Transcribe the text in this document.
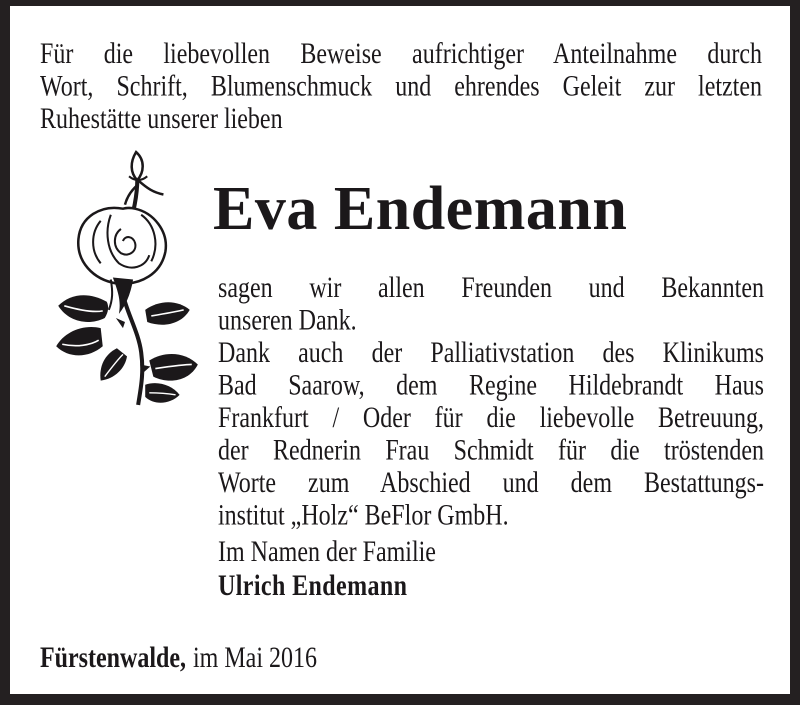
Für die liebevollen Beweise aufrichtiger Anteilnahme durch
Wort, Schrift, Blumenschmuck und ehrendes Geleit zur letzten
Ruhestätte unserer lieben
Eva Endemann
sagen wir allen Freunden und Bekannten
unseren Dank.
Dank auch der Palliativstation des Klinikums
Bad Saarow, dem Regine Hildebrandt Haus
Frankfurt / Oder für die liebevolle Betreuung,
der Rednerin Frau Schmidt für die tröstenden
Worte zum Abschied und dem Bestattungs-
institut „Holz“ BeFlor GmbH.
Im Namen der Familie
Ulrich Endemann
Fürstenwalde, im Mai 2016
